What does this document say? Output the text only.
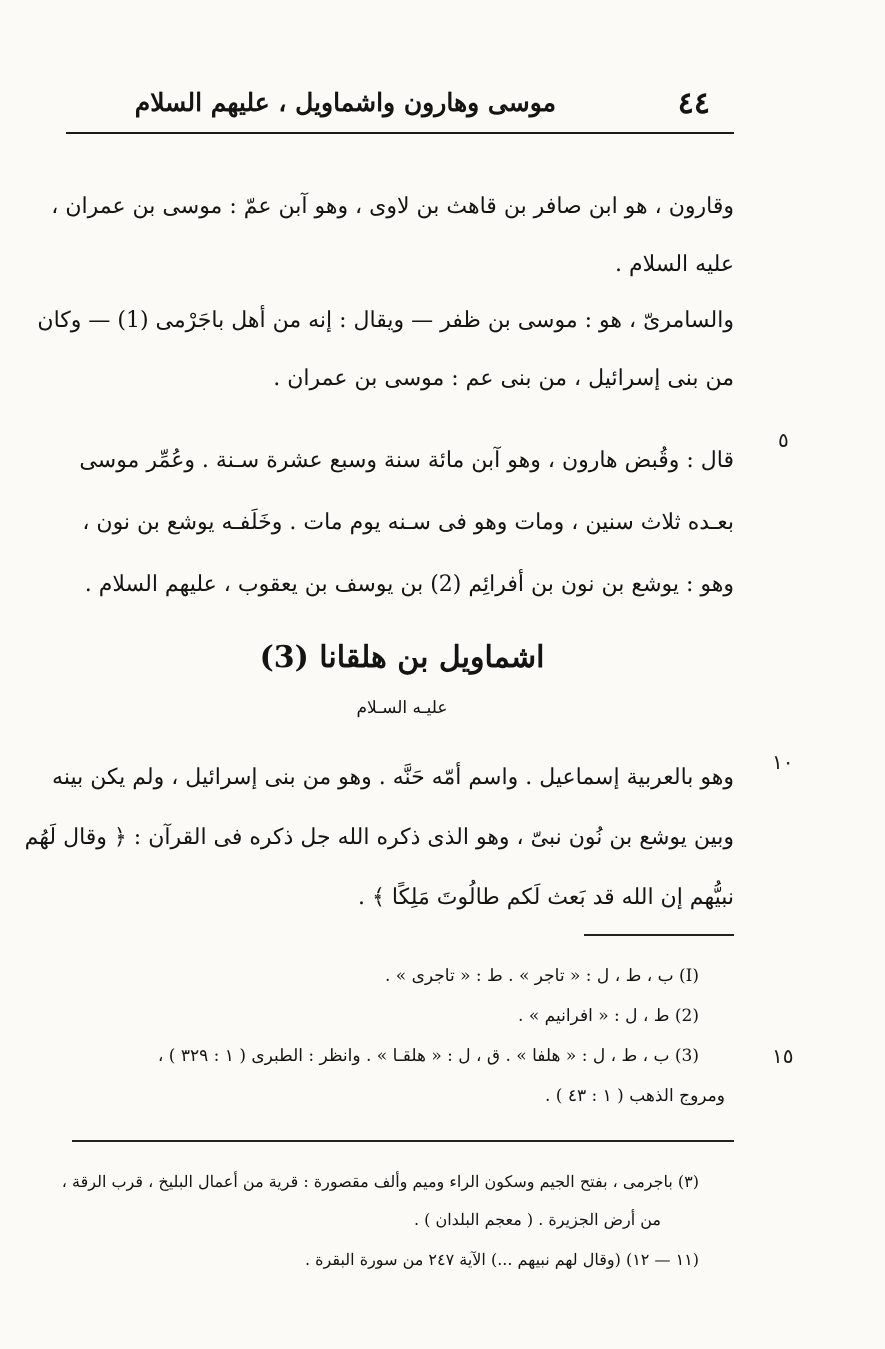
٤٤
موسى وهارون واشماويل ، عليهم السلام
وقارون ، هو ابن صافر بن قاهث بن لاوى ، وهو آبن عمّ : موسى بن عمران ،
عليه السلام .
والسامرىّ ، هو : موسى بن ظفر — ويقال : إنه من أهل باجَرْمى (1) — وكان
من بنى إسرائيل ، من بنى عم : موسى بن عمران .
٥
قال : وقُبض هارون ، وهو آبن مائة سنة وسبع عشرة سـنة . وعُمِّر موسى
بعـده ثلاث سنين ، ومات وهو فى سـنه يوم مات . وخَلَفـه يوشع بن نون ،
وهو : يوشع بن نون بن أفرائِم (2) بن يوسف بن يعقوب ، عليهم السلام .
اشماويل بن هلقانا (3)
عليـه السـلام
١٠
وهو بالعربية إسماعيل . واسم أمّه حَنَّه . وهو من بنى إسرائيل ، ولم يكن بينه
وبين يوشع بن نُون نبىّ ، وهو الذى ذكره الله جل ذكره فى القرآن : ﴿ وقال لَهُم
نبيُّهم إن الله قد بَعث لَكم طالُوتَ مَلِكًا ﴾ .
(I) ب ، ط ، ل : « تاجر » . ط : « تاجرى » .
(2) ط ، ل : « افرانيم » .
١٥
(3) ب ، ط ، ل : « هلفا » . ق ، ل : « هلقـا » . وانظر : الطبرى ( ١ : ٣٢٩ ) ،
ومروج الذهب ( ١ : ٤٣ ) .
(٣) باجرمى ، بفتح الجيم وسكون الراء وميم وألف مقصورة : قرية من أعمال البليخ ، قرب الرقة ،
من أرض الجزيرة . ( معجم البلدان ) .
(١١ — ١٢) (وقال لهم نبيهم ...) الآية ٢٤٧ من سورة البقرة .
